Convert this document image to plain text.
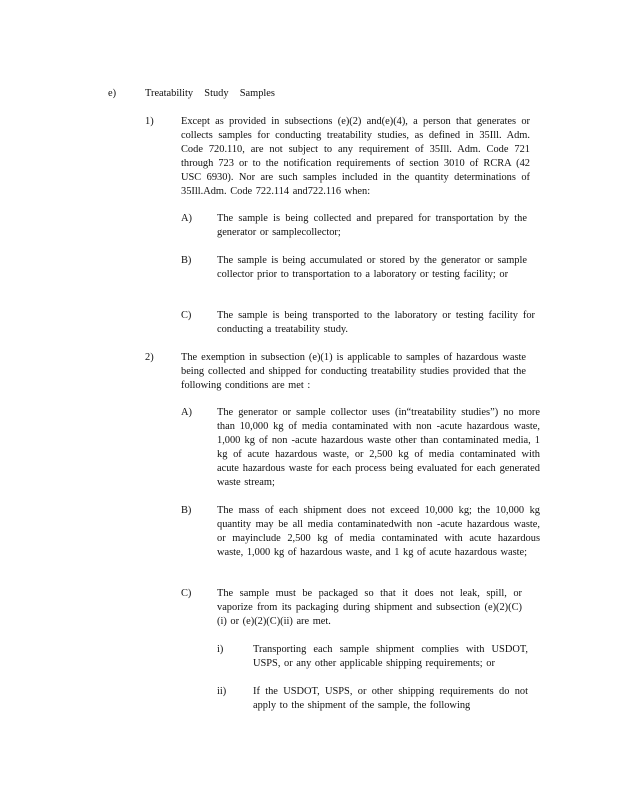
e)	Treatability  Study  Samples
1)	Except as provided in subsections (e)(2) and(e)(4), a person that generates or collects samples for conducting treatability studies, as defined in 35Ill. Adm. Code 720.110, are not subject to any requirement of 35Ill. Adm. Code 721 through 723 or to the notification requirements of section 3010 of RCRA (42 USC 6930). Nor are such samples included in the quantity determinations of 35Ill.Adm. Code 722.114 and722.116 when:
A) The sample is being collected and prepared for transportation by the generator or samplecollector;
B) The sample is being accumulated or stored by the generator or sample collector prior to transportation to a laboratory or testing facility; or
C) The sample is being transported to the laboratory or testing facility for conducting a treatability study.
2)	The exemption in subsection (e)(1) is applicable to samples of hazardous waste being collected and shipped for conducting treatability studies provided that the following conditions are met :
A) The generator or sample collector uses (in“treatability studies”) no more than 10,000 kg of media contaminated with non -acute hazardous waste, 1,000 kg of non -acute hazardous waste other than contaminated media, 1 kg of acute hazardous waste, or 2,500 kg of media contaminated with acute hazardous waste for each process being evaluated for each generated waste stream;
B) The mass of each shipment does not exceed 10,000 kg; the 10,000 kg quantity may be all media contaminatedwith non -acute hazardous waste, or mayinclude 2,500 kg of media contaminated with acute hazardous waste, 1,000 kg of hazardous waste, and 1 kg of acute hazardous waste;
C) The sample must be packaged so that it does not leak, spill, or vaporize from its packaging during shipment and subsection (e)(2)(C)(i) or (e)(2)(C)(ii) are met.
i)	Transporting each sample shipment complies with USDOT, USPS, or any other applicable shipping requirements; or
ii)	If the USDOT, USPS, or other shipping requirements do not apply to the shipment of the sample, the following
